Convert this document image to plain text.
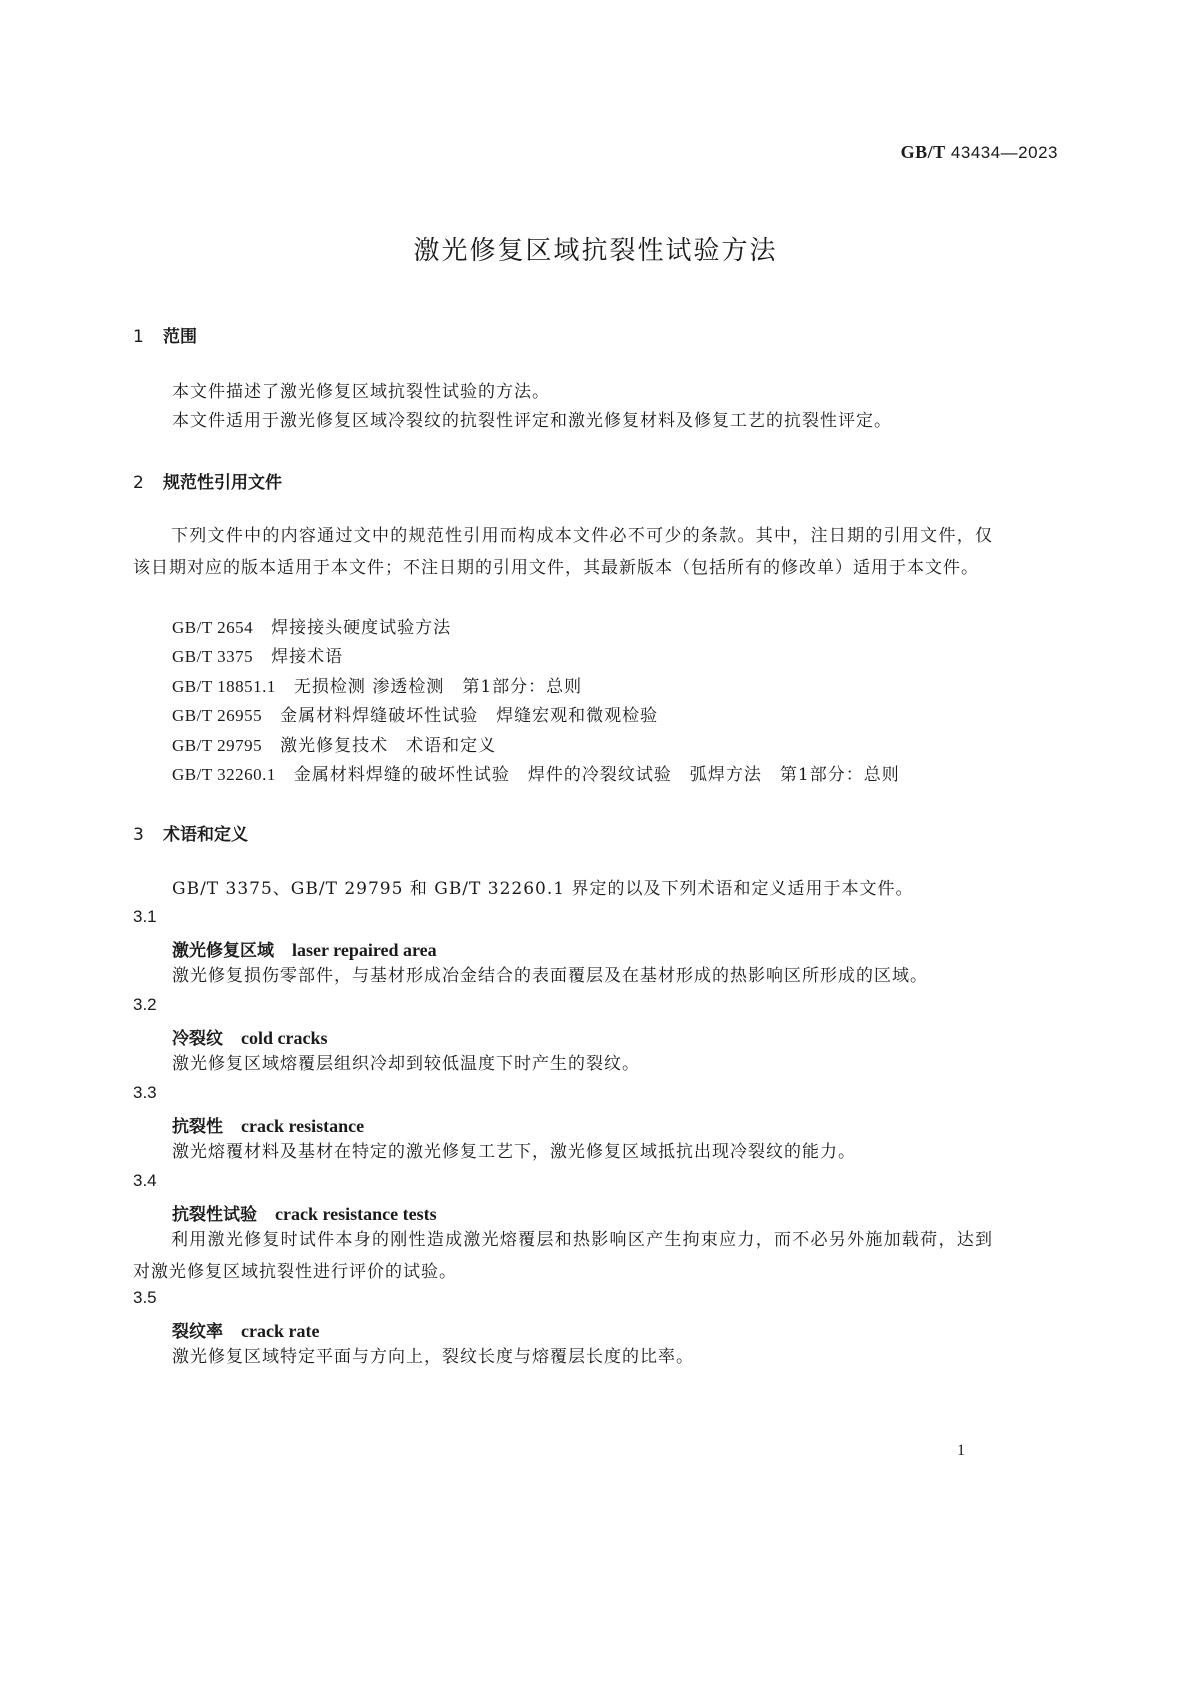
GB/T 43434—2023
激光修复区域抗裂性试验方法
1 范围
本文件描述了激光修复区域抗裂性试验的方法。
本文件适用于激光修复区域冷裂纹的抗裂性评定和激光修复材料及修复工艺的抗裂性评定。
2 规范性引用文件
下列文件中的内容通过文中的规范性引用而构成本文件必不可少的条款。其中，注日期的引用文件，仅该日期对应的版本适用于本文件；不注日期的引用文件，其最新版本（包括所有的修改单）适用于本文件。
GB/T 2654  焊接接头硬度试验方法
GB/T 3375  焊接术语
GB/T 18851.1  无损检测 渗透检测　第1部分：总则
GB/T 26955  金属材料焊缝破坏性试验　焊缝宏观和微观检验
GB/T 29795  激光修复技术　术语和定义
GB/T 32260.1  金属材料焊缝的破坏性试验　焊件的冷裂纹试验　弧焊方法　第1部分：总则
3 术语和定义
GB/T 3375、GB/T 29795 和 GB/T 32260.1 界定的以及下列术语和定义适用于本文件。
3.1
激光修复区域 laser repaired area
激光修复损伤零部件，与基材形成冶金结合的表面覆层及在基材形成的热影响区所形成的区域。
3.2
冷裂纹 cold cracks
激光修复区域熔覆层组织冷却到较低温度下时产生的裂纹。
3.3
抗裂性 crack resistance
激光熔覆材料及基材在特定的激光修复工艺下，激光修复区域抵抗出现冷裂纹的能力。
3.4
抗裂性试验 crack resistance tests
利用激光修复时试件本身的刚性造成激光熔覆层和热影响区产生拘束应力，而不必另外施加载荷，达到对激光修复区域抗裂性进行评价的试验。
3.5
裂纹率 crack rate
激光修复区域特定平面与方向上，裂纹长度与熔覆层长度的比率。
1
